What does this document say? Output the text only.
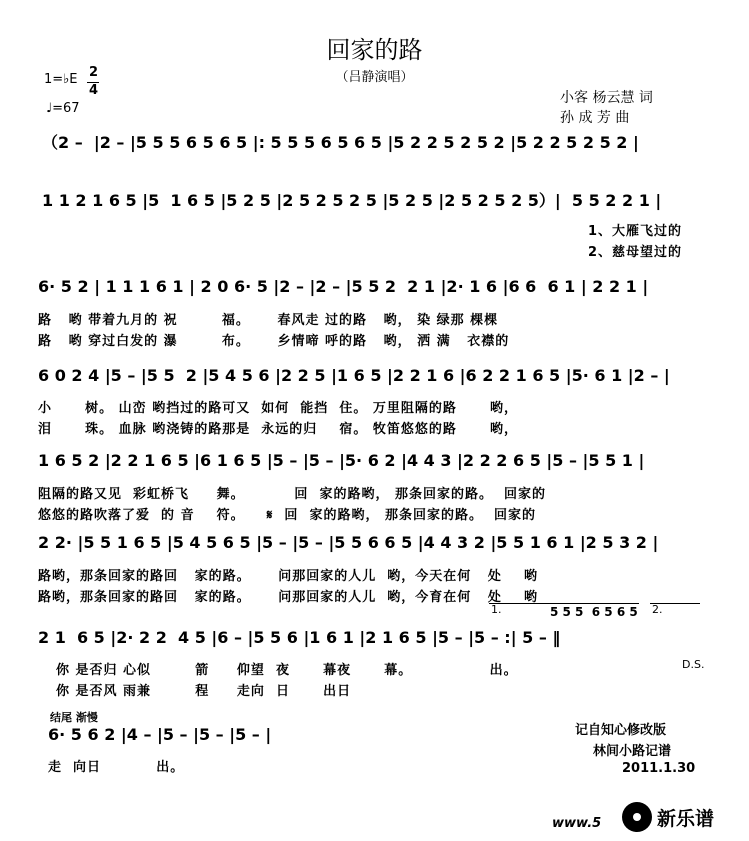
回家的路
（吕静演唱）
1=♭E 2
4
♩=67
小客 杨云慧 词
孙 成 芳 曲
（2 –  |2 – |5 5 5 6 5 6 5 |: 5 5 5 6 5 6 5 |5 2 2 5 2 5 2 |5 2 2 5 2 5 2 |
1 1 2 1 6 5 |5  1 6 5 |5 2 5 |2 5 2 5 2 5 |5 2 5 |2 5 2 5 2 5）|  5 5 2 2 1 |
1、大雁飞过的
2、慈母望过的
6· 5 2 | 1 1 1 6 1 | 2 0 6· 5 |2 – |2 – |5 5 2  2 1 |2· 1 6 |6 6  6 1 | 2 2 1 |
路   哟 带着九月的 祝        福。     春风走 过的路   哟， 染 绿那 棵棵
路   哟 穿过白发的 瀑        布。     乡情啼 呼的路   哟， 洒 满   衣襟的
6 0 2 4 |5 – |5 5  2 |5 4 5 6 |2 2 5 |1 6 5 |2 2 1 6 |6 2 2 1 6 5 |5· 6 1 |2 – |
小      树。 山峦 哟挡过的路可又  如何  能挡  住。 万里阻隔的路      哟，
泪      珠。 血脉 哟浇铸的路那是  永远的归    宿。 牧笛悠悠的路      哟，
1 6 5 2 |2 2 1 6 5 |6 1 6 5 |5 – |5 – |5· 6 2 |4 4 3 |2 2 2 6 5 |5 – |5 5 1 |
阻隔的路又见  彩虹桥飞     舞。         回  家的路哟， 那条回家的路。  回家的
悠悠的路吹落了爱  的 音    符。    𝄋  回  家的路哟， 那条回家的路。  回家的
2 2· |5 5 1 6 5 |5 4 5 6 5 |5 – |5 – |5 5 6 6 5 |4 4 3 2 |5 5 1 6 1 |2 5 3 2 |
路哟，那条回家的路回   家的路。     问那回家的人儿  哟，今天在何   处    哟
路哟，那条回家的路回   家的路。     问那回家的人儿  哟，今育在何   处    哟
1.	5 5 5  6 5 6 5 2.
2 1  6 5 |2· 2 2  4 5 |6 – |5 5 6 |1 6 1 |2 1 6 5 |5 – |5 – :| 5 – ‖
D.S.
你 是否归 心似        箭     仰望  夜      幕夜      幕。              出。
你 是否风 雨兼        程     走向  日      出日
结尾 渐慢
6· 5 6 2 |4 – |5 – |5 – |5 – |
走  向日          出。
记自知心修改版
林间小路记谱
2011.1.30
www.5	新乐谱
